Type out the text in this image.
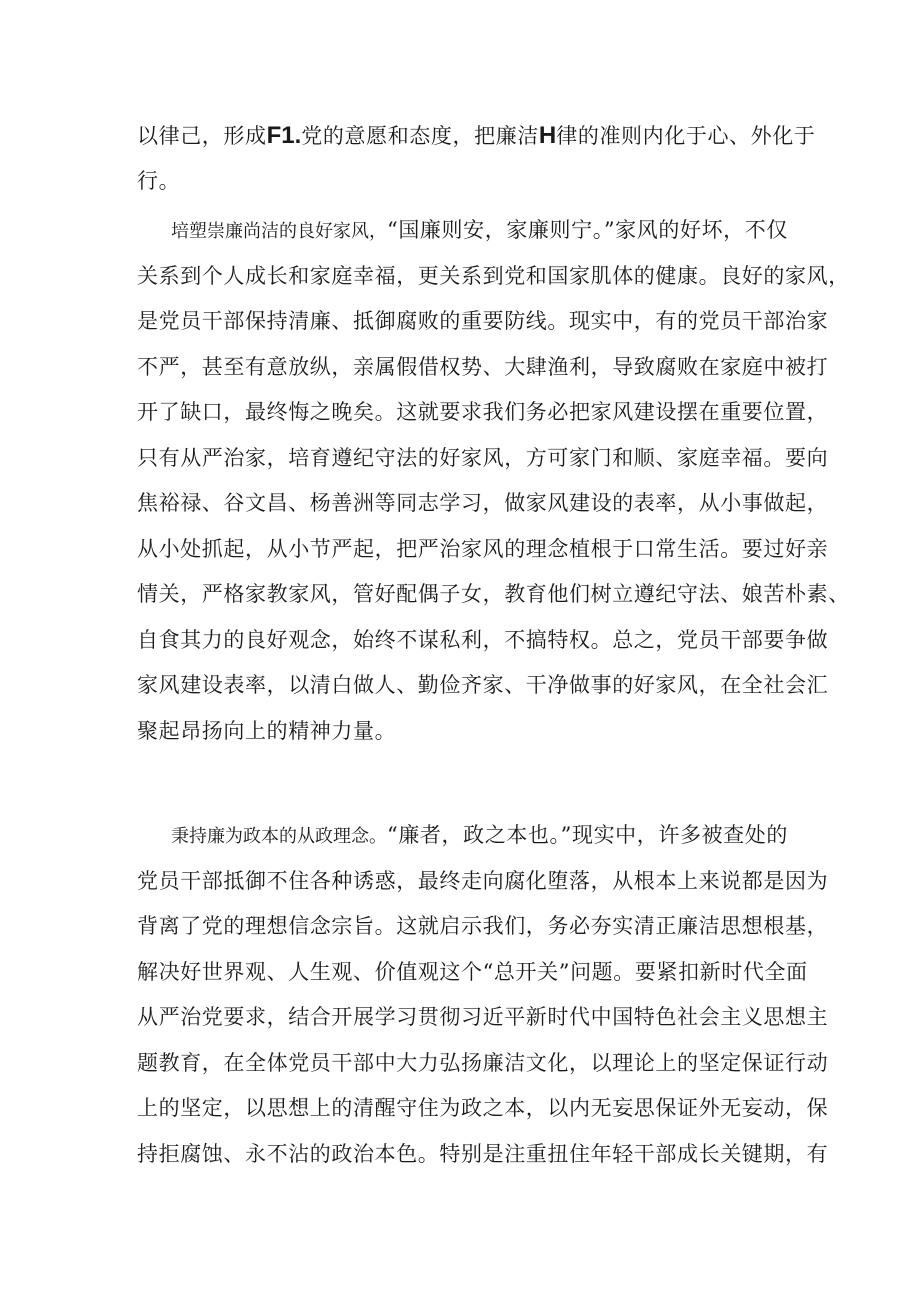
以律己，形成F1.党的意愿和态度，把廉洁H律的准则内化于心、外化于
行。
培塑崇廉尚洁的良好家风，“国廉则安，家廉则宁。”家风的好坏，不仅
关系到个人成长和家庭幸福，更关系到党和国家肌体的健康。良好的家风，
是党员干部保持清廉、抵御腐败的重要防线。现实中，有的党员干部治家
不严，甚至有意放纵，亲属假借权势、大肆渔利，导致腐败在家庭中被打
开了缺口，最终悔之晚矣。这就要求我们务必把家风建设摆在重要位置，
只有从严治家，培育遵纪守法的好家风，方可家门和顺、家庭幸福。要向
焦裕禄、谷文昌、杨善洲等同志学习，做家风建设的表率，从小事做起，
从小处抓起，从小节严起，把严治家风的理念植根于口常生活。要过好亲
情关，严格家教家风，管好配偶子女，教育他们树立遵纪守法、娘苦朴素、
自食其力的良好观念，始终不谋私利，不搞特权。总之，党员干部要争做
家风建设表率，以清白做人、勤俭齐家、干净做事的好家风，在全社会汇
聚起昂扬向上的精神力量。
秉持廉为政本的从政理念。“廉者，政之本也。”现实中，许多被查处的
党员干部抵御不住各种诱惑，最终走向腐化堕落，从根本上来说都是因为
背离了党的理想信念宗旨。这就启示我们，务必夯实清正廉洁思想根基，
解决好世界观、人生观、价值观这个“总开关”问题。要紧扣新时代全面
从严治党要求，结合开展学习贯彻习近平新时代中国特色社会主义思想主
题教育，在全体党员干部中大力弘扬廉洁文化，以理论上的坚定保证行动
上的坚定，以思想上的清醒守住为政之本，以内无妄思保证外无妄动，保
持拒腐蚀、永不沾的政治本色。特别是注重扭住年轻干部成长关键期，有
